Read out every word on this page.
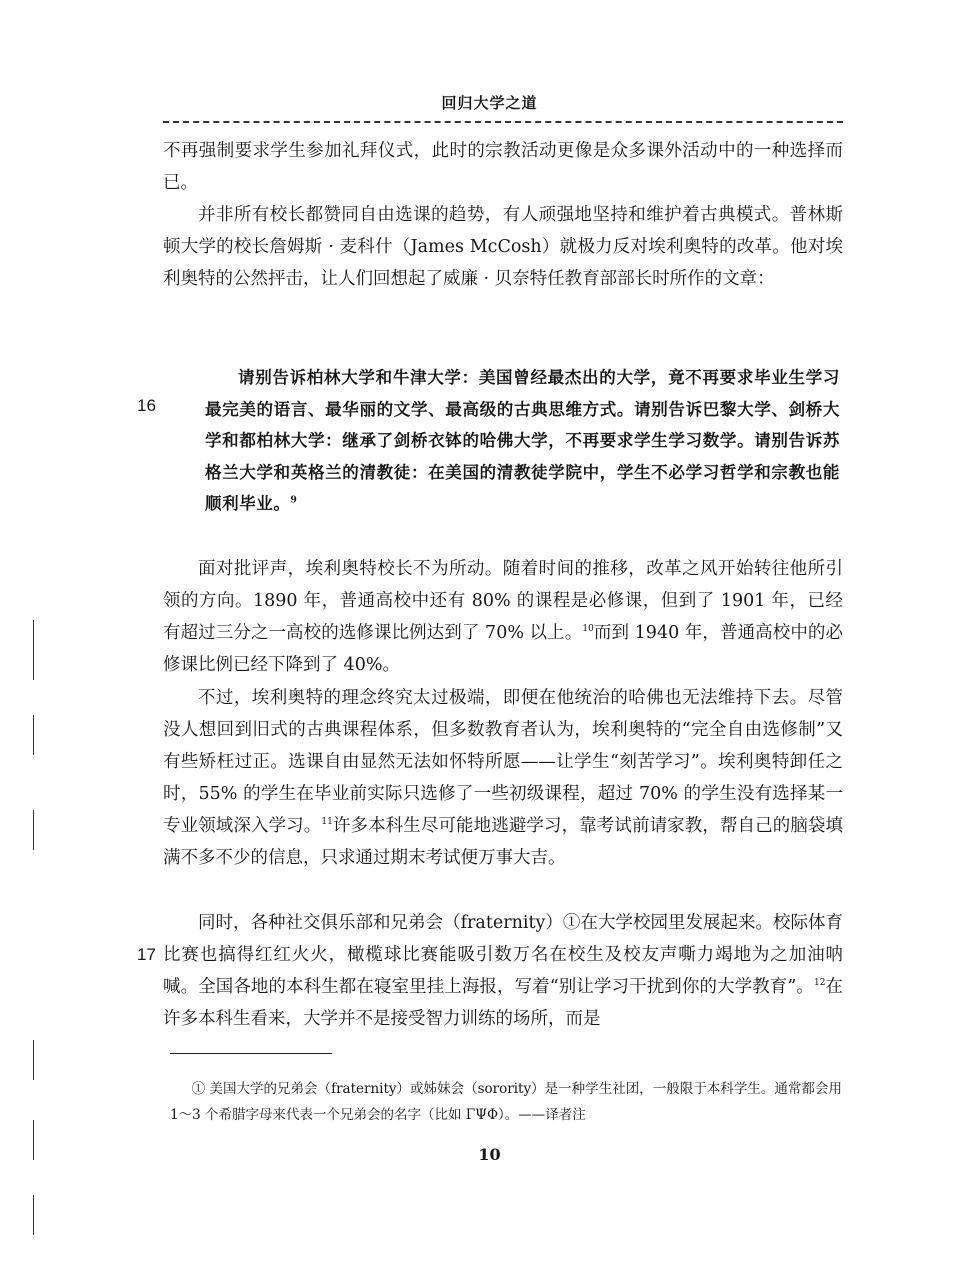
回归大学之道

不再强制要求学生参加礼拜仪式，此时的宗教活动更像是众多课外活动中的一种选择而已。

并非所有校长都赞同自由选课的趋势，有人顽强地坚持和维护着古典模式。普林斯顿大学的校长詹姆斯 · 麦科什（James McCosh）就极力反对埃利奥特的改革。他对埃利奥特的公然抨击，让人们回想起了威廉 · 贝奈特任教育部部长时所作的文章：

请别告诉柏林大学和牛津大学：美国曾经最杰出的大学，竟不再要求毕业生学习最完美的语言、最华丽的文学、最高级的古典思维方式。请别告诉巴黎大学、剑桥大学和都柏林大学：继承了剑桥衣钵的哈佛大学，不再要求学生学习数学。请别告诉苏格兰大学和英格兰的清教徒：在美国的清教徒学院中，学生不必学习哲学和宗教也能顺利毕业。$^9$

16

面对批评声，埃利奥特校长不为所动。随着时间的推移，改革之风开始转往他所引领的方向。1890 年，普通高校中还有 80% 的课程是必修课，但到了 1901 年，已经有超过三分之一高校的选修课比例达到了 70% 以上。$^{10}$而到 1940 年，普通高校中的必修课比例已经下降到了 40%。

不过，埃利奥特的理念终究太过极端，即便在他统治的哈佛也无法维持下去。尽管没人想回到旧式的古典课程体系，但多数教育者认为，埃利奥特的“完全自由选修制”又有些矫枉过正。选课自由显然无法如怀特所愿——让学生“刻苦学习”。埃利奥特卸任之时，55% 的学生在毕业前实际只选修了一些初级课程，超过 70% 的学生没有选择某一专业领域深入学习。$^{11}$许多本科生尽可能地逃避学习，靠考试前请家教，帮自己的脑袋填满不多不少的信息，只求通过期末考试便万事大吉。

同时，各种社交俱乐部和兄弟会（fraternity）①在大学校园里发展起来。校际体育比赛也搞得红红火火，橄榄球比赛能吸引数万名在校生及校友声嘶力竭地为之加油呐喊。全国各地的本科生都在寝室里挂上海报，写着“别让学习干扰到你的大学教育”。$^{12}$在许多本科生看来，大学并不是接受智力训练的场所，而是

17

① 美国大学的兄弟会（fraternity）或姊妹会（sorority）是一种学生社团，一般限于本科学生。通常都会用 1～3 个希腊字母来代表一个兄弟会的名字（比如 ΓΨΦ）。——译者注

10
